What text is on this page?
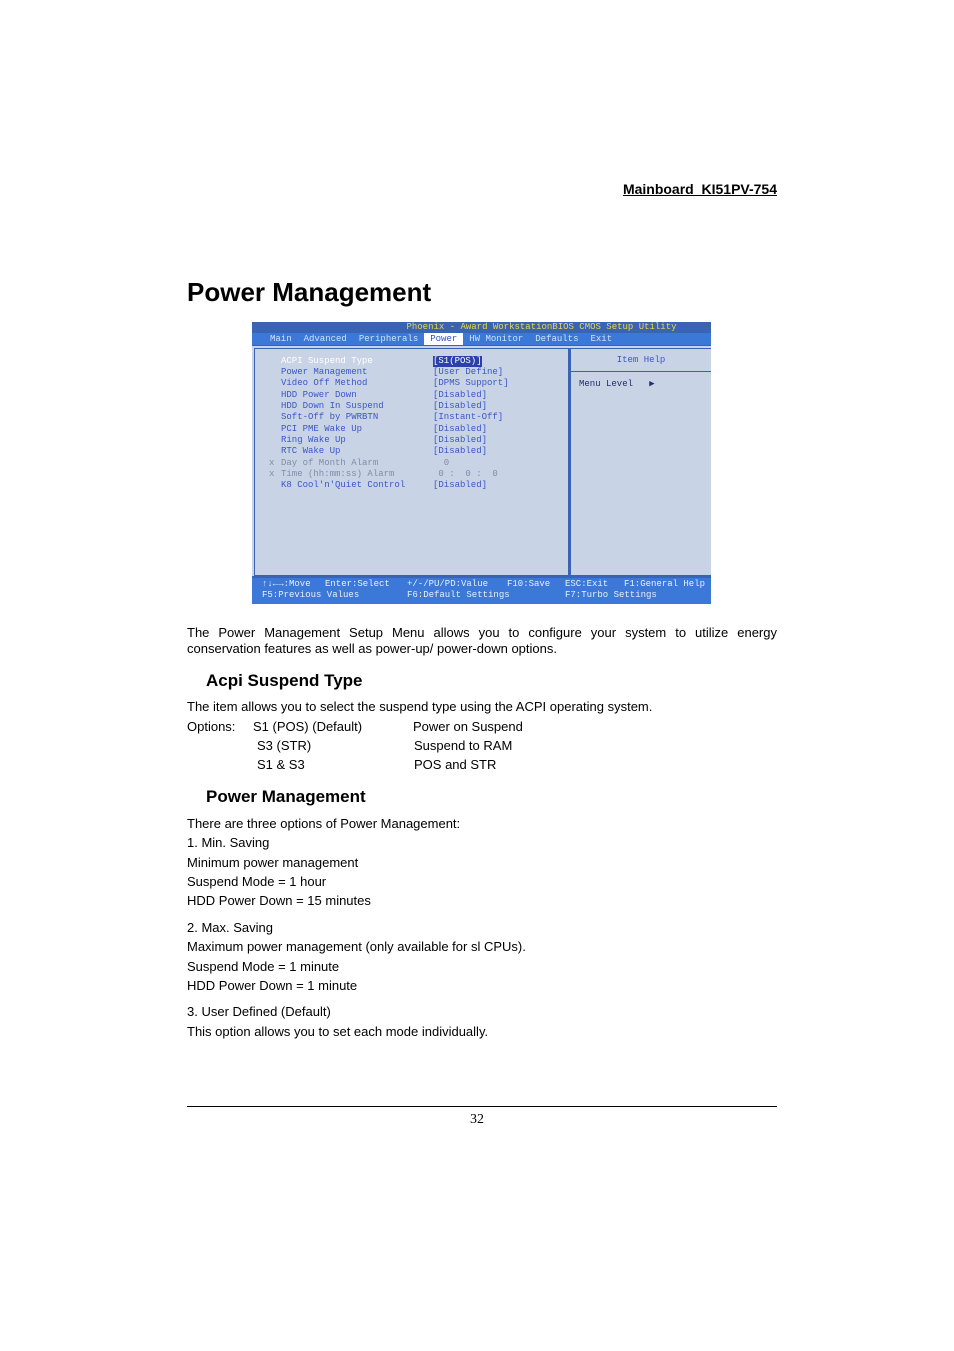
Mainboard  KI51PV-754
Power Management
Phoenix - Award WorkstationBIOS CMOS Setup Utility
Main	Advanced	Peripherals	Power	HW Monitor	Defaults	Exit
ACPI Suspend Type	[S1(POS)]
Power Management	[User Define]
Video Off Method	[DPMS Support]
HDD Power Down	[Disabled]
HDD Down In Suspend	[Disabled]
Soft-Off by PWRBTN	[Instant-Off]
PCI PME Wake Up	[Disabled]
Ring Wake Up	[Disabled]
RTC Wake Up	[Disabled]
x Day of Month Alarm	0
x Time (hh:mm:ss) Alarm	0 :  0 :  0
K8 Cool'n'Quiet Control	[Disabled]
Item Help
Menu Level   ▶
↑↓←→:Move Enter:Select +/-/PU/PD:Value F10:Save ESC:Exit F1:General Help
F5:Previous Values	F6:Default Settings	F7:Turbo Settings
The Power Management Setup Menu allows you to configure your system to utilize energy conservation features as well as power-up/ power-down options.
Acpi Suspend Type
The item allows you to select the suspend type using the ACPI operating system.
Options: S1 (POS) (Default)	Power on Suspend
S3 (STR)	Suspend to RAM
S1 & S3	POS and STR
Power Management
There are three options of Power Management:
1. Min. Saving
Minimum power management
Suspend Mode = 1 hour
HDD Power Down = 15 minutes
2. Max. Saving
Maximum power management (only available for sl CPUs).
Suspend Mode = 1 minute
HDD Power Down = 1 minute
3. User Defined (Default)
This option allows you to set each mode individually.
32
